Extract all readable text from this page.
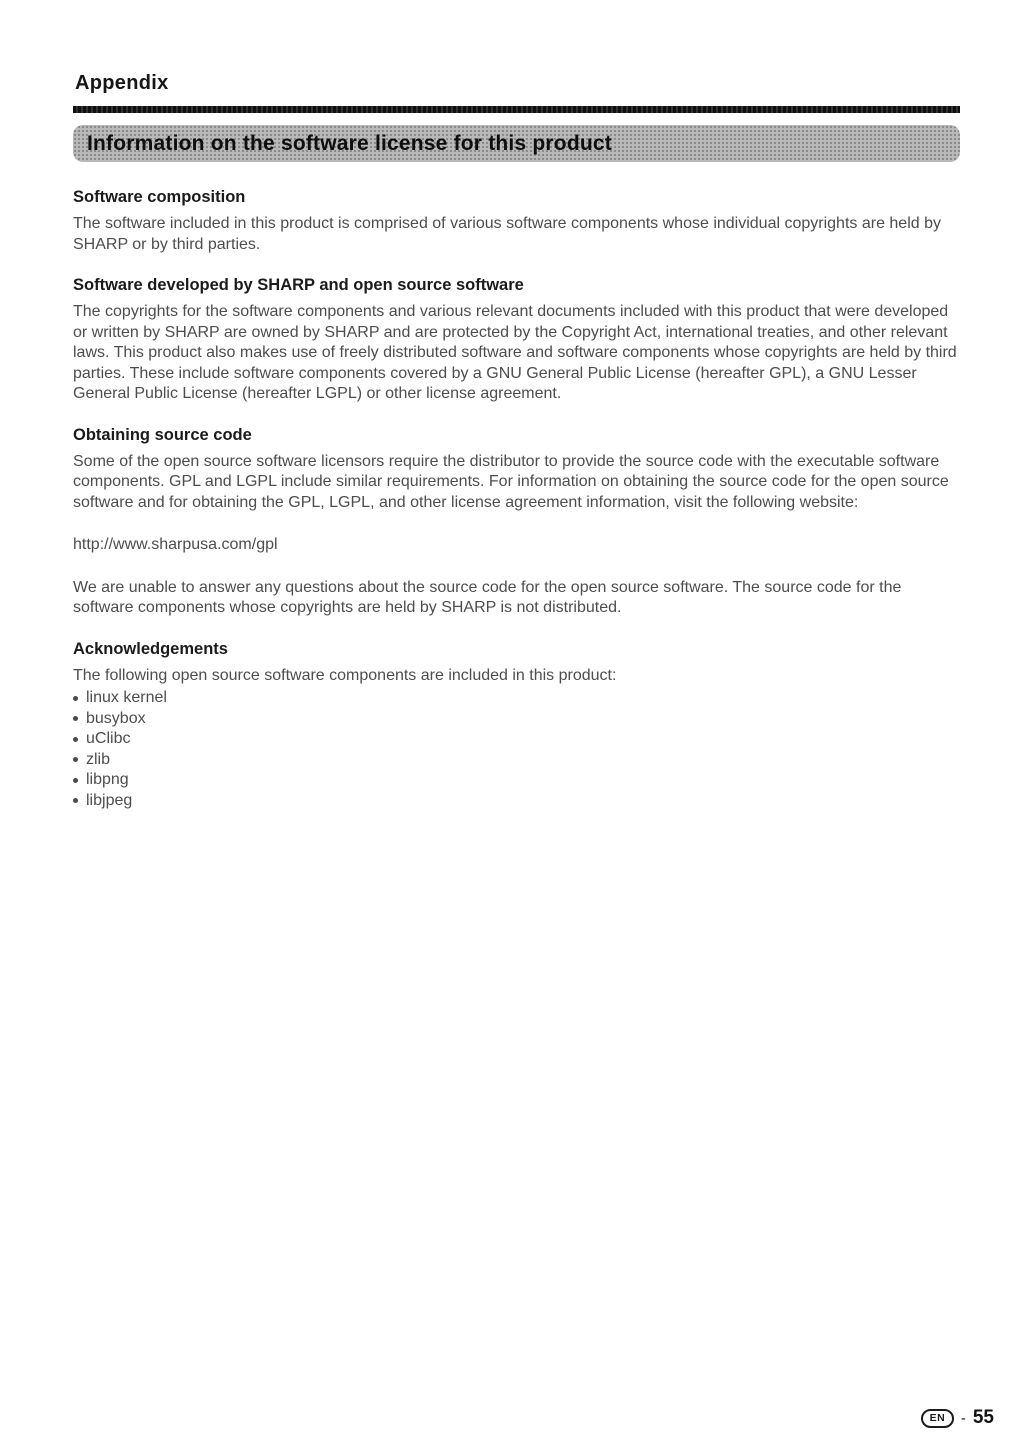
Appendix
Information on the software license for this product
Software composition

The software included in this product is comprised of various software components whose individual copyrights are held by SHARP or by third parties.

Software developed by SHARP and open source software

The copyrights for the software components and various relevant documents included with this product that were developed or written by SHARP are owned by SHARP and are protected by the Copyright Act, international treaties, and other relevant laws. This product also makes use of freely distributed software and software components whose copyrights are held by third parties. These include software components covered by a GNU General Public License (hereafter GPL), a GNU Lesser General Public License (hereafter LGPL) or other license agreement.

Obtaining source code

Some of the open source software licensors require the distributor to provide the source code with the executable software components. GPL and LGPL include similar requirements. For information on obtaining the source code for the open source software and for obtaining the GPL, LGPL, and other license agreement information, visit the following website:

http://www.sharpusa.com/gpl

We are unable to answer any questions about the source code for the open source software. The source code for the software components whose copyrights are held by SHARP is not distributed.

Acknowledgements

The following open source software components are included in this product:

linux kernel
busybox
uClibc
zlib
libpng
libjpeg
EN	- 55
